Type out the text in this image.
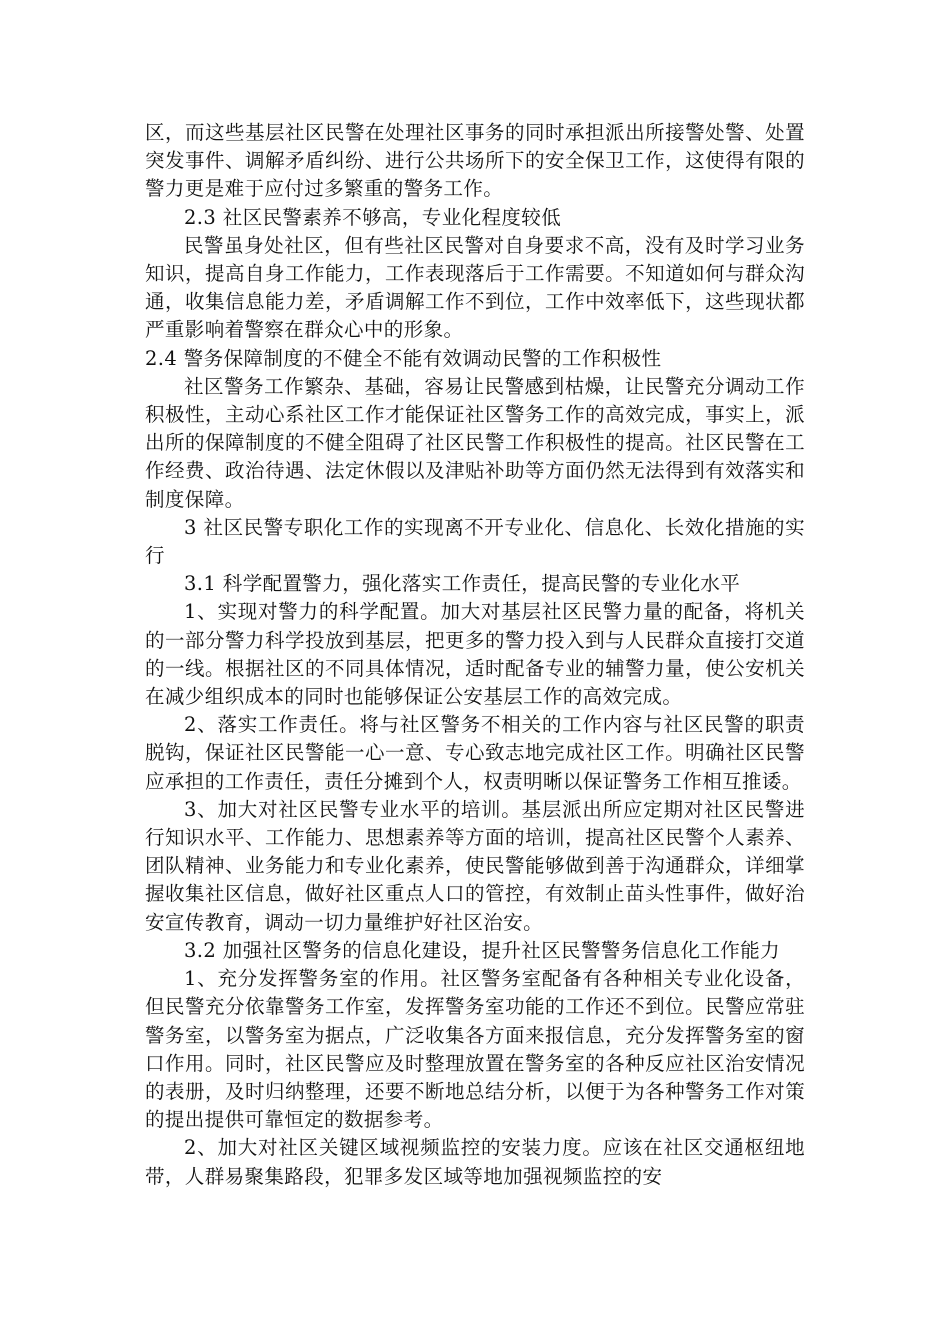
区，而这些基层社区民警在处理社区事务的同时承担派出所接警处警、处置突发事件、调解矛盾纠纷、进行公共场所下的安全保卫工作，这使得有限的警力更是难于应付过多繁重的警务工作。

2.3 社区民警素养不够高，专业化程度较低

民警虽身处社区，但有些社区民警对自身要求不高，没有及时学习业务知识，提高自身工作能力，工作表现落后于工作需要。不知道如何与群众沟通，收集信息能力差，矛盾调解工作不到位，工作中效率低下，这些现状都严重影响着警察在群众心中的形象。

2.4 警务保障制度的不健全不能有效调动民警的工作积极性

社区警务工作繁杂、基础，容易让民警感到枯燥，让民警充分调动工作积极性，主动心系社区工作才能保证社区警务工作的高效完成，事实上，派出所的保障制度的不健全阻碍了社区民警工作积极性的提高。社区民警在工作经费、政治待遇、法定休假以及津贴补助等方面仍然无法得到有效落实和制度保障。

3 社区民警专职化工作的实现离不开专业化、信息化、长效化措施的实行

3.1 科学配置警力，强化落实工作责任，提高民警的专业化水平

1、实现对警力的科学配置。加大对基层社区民警力量的配备，将机关的一部分警力科学投放到基层，把更多的警力投入到与人民群众直接打交道的一线。根据社区的不同具体情况，适时配备专业的辅警力量，使公安机关在减少组织成本的同时也能够保证公安基层工作的高效完成。

2、落实工作责任。将与社区警务不相关的工作内容与社区民警的职责脱钩，保证社区民警能一心一意、专心致志地完成社区工作。明确社区民警应承担的工作责任，责任分摊到个人，权责明晰以保证警务工作相互推诿。

3、加大对社区民警专业水平的培训。基层派出所应定期对社区民警进行知识水平、工作能力、思想素养等方面的培训，提高社区民警个人素养、团队精神、业务能力和专业化素养，使民警能够做到善于沟通群众，详细掌握收集社区信息，做好社区重点人口的管控，有效制止苗头性事件，做好治安宣传教育，调动一切力量维护好社区治安。

3.2 加强社区警务的信息化建设，提升社区民警警务信息化工作能力

1、充分发挥警务室的作用。社区警务室配备有各种相关专业化设备，但民警充分依靠警务工作室，发挥警务室功能的工作还不到位。民警应常驻警务室，以警务室为据点，广泛收集各方面来报信息，充分发挥警务室的窗口作用。同时，社区民警应及时整理放置在警务室的各种反应社区治安情况的表册，及时归纳整理，还要不断地总结分析，以便于为各种警务工作对策的提出提供可靠恒定的数据参考。

2、加大对社区关键区域视频监控的安装力度。应该在社区交通枢纽地带，人群易聚集路段，犯罪多发区域等地加强视频监控的安
